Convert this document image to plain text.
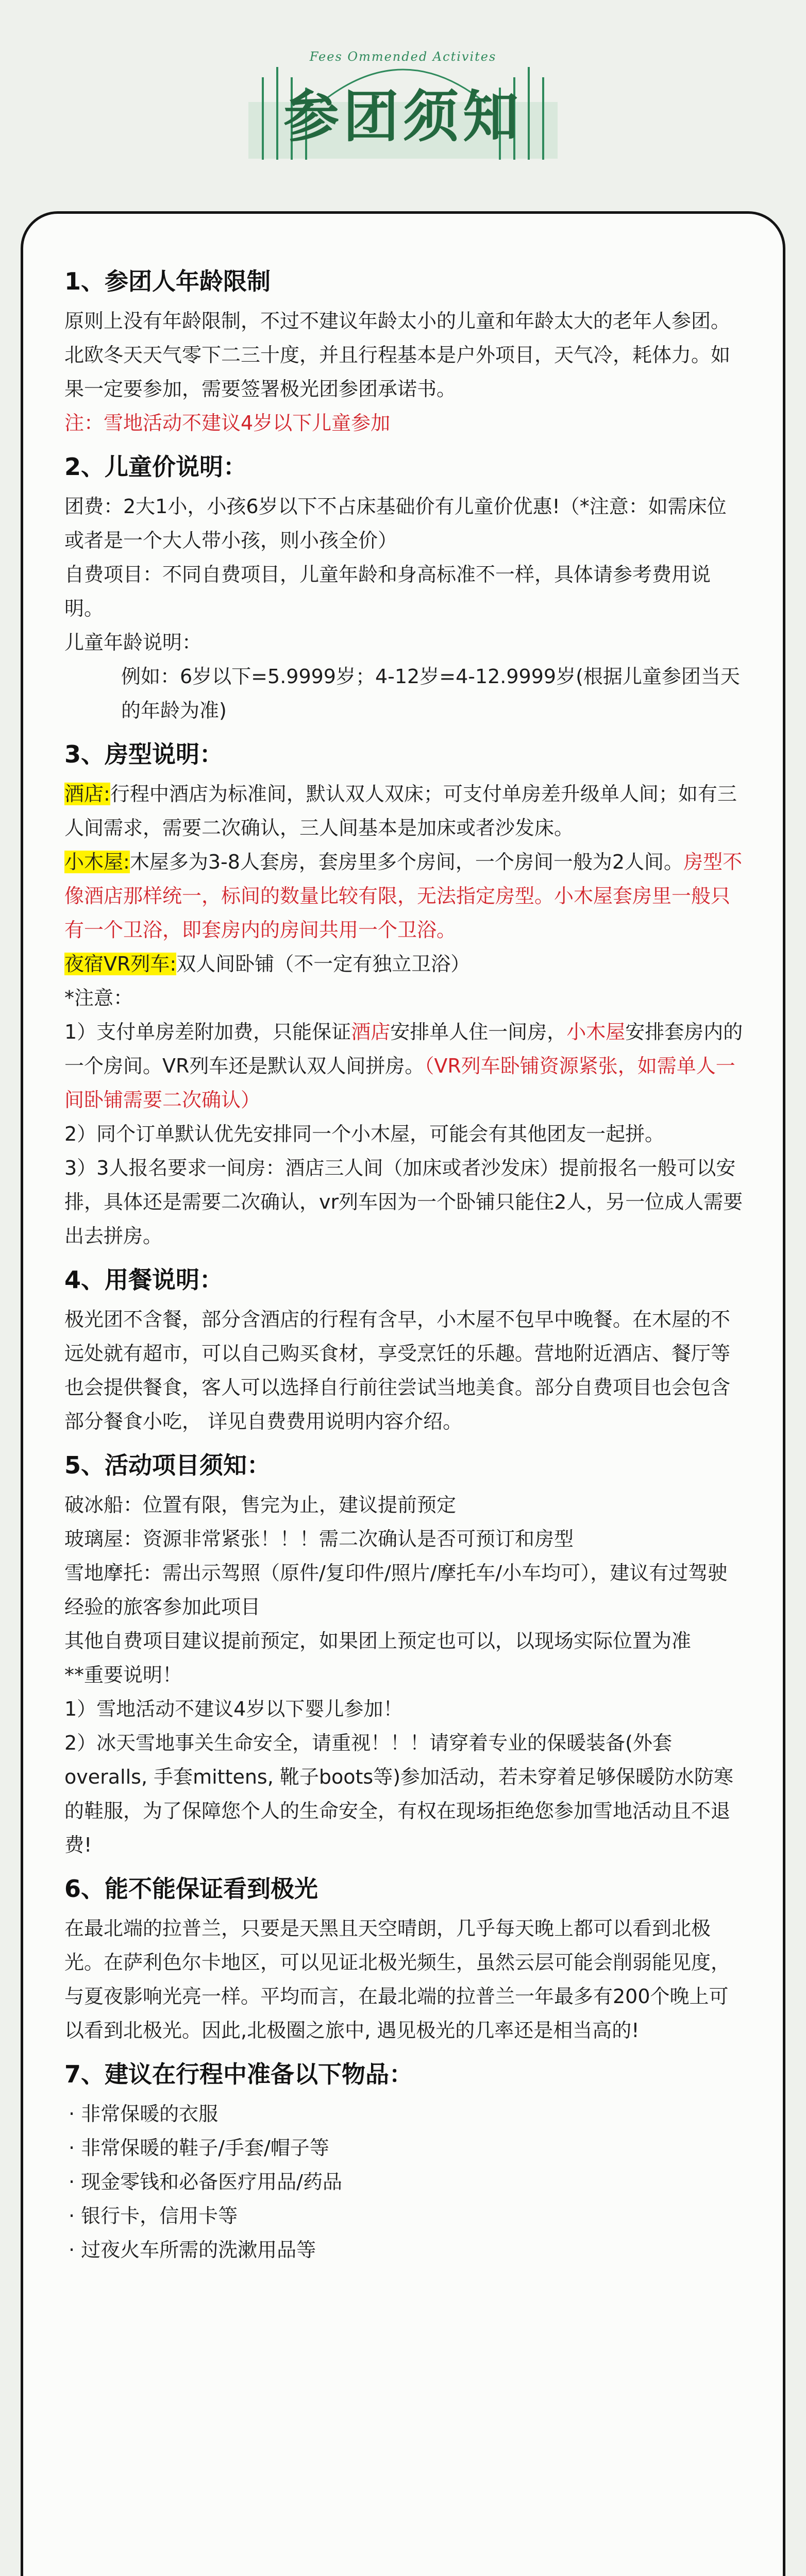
Fees Ommended Activites
参团须知
1、参团人年龄限制

原则上没有年龄限制，不过不建议年龄太小的儿童和年龄太大的老年人参团。北欧冬天天气零下二三十度，并且行程基本是户外项目，天气冷，耗体力。如果一定要参加，需要签署极光团参团承诺书。

注：雪地活动不建议4岁以下儿童参加

2、儿童价说明：

团费：2大1小，小孩6岁以下不占床基础价有儿童价优惠!（*注意：如需床位或者是一个大人带小孩，则小孩全价）

自费项目：不同自费项目，儿童年龄和身高标准不一样，具体请参考费用说明。

儿童年龄说明：

例如：6岁以下=5.9999岁；4-12岁=4-12.9999岁(根据儿童参团当天的年龄为准)

3、房型说明：

酒店:行程中酒店为标准间，默认双人双床；可支付单房差升级单人间；如有三人间需求，需要二次确认，三人间基本是加床或者沙发床。

小木屋:木屋多为3-8人套房，套房里多个房间，一个房间一般为2人间。房型不像酒店那样统一，标间的数量比较有限，无法指定房型。小木屋套房里一般只有一个卫浴，即套房内的房间共用一个卫浴。

夜宿VR列车:双人间卧铺（不一定有独立卫浴）

*注意：

1）支付单房差附加费，只能保证酒店安排单人住一间房，小木屋安排套房内的一个房间。VR列车还是默认双人间拼房。（VR列车卧铺资源紧张，如需单人一间卧铺需要二次确认）

2）同个订单默认优先安排同一个小木屋，可能会有其他团友一起拼。

3）3人报名要求一间房：酒店三人间（加床或者沙发床）提前报名一般可以安排，具体还是需要二次确认，vr列车因为一个卧铺只能住2人，另一位成人需要出去拼房。

4、用餐说明：

极光团不含餐，部分含酒店的行程有含早，小木屋不包早中晚餐。在木屋的不远处就有超市，可以自己购买食材，享受烹饪的乐趣。营地附近酒店、餐厅等也会提供餐食，客人可以选择自行前往尝试当地美食。部分自费项目也会包含部分餐食小吃， 详见自费费用说明内容介绍。

5、活动项目须知：

破冰船：位置有限，售完为止，建议提前预定

玻璃屋：资源非常紧张！！！需二次确认是否可预订和房型

雪地摩托：需出示驾照（原件/复印件/照片/摩托车/小车均可），建议有过驾驶经验的旅客参加此项目

其他自费项目建议提前预定，如果团上预定也可以，以现场实际位置为准

**重要说明！

1）雪地活动不建议4岁以下婴儿参加！

2）冰天雪地事关生命安全，请重视！！！请穿着专业的保暖装备(外套overalls, 手套mittens, 靴子boots等)参加活动，若未穿着足够保暖防水防寒的鞋服，为了保障您个人的生命安全，有权在现场拒绝您参加雪地活动且不退费!

6、能不能保证看到极光

在最北端的拉普兰，只要是天黑且天空晴朗，几乎每天晚上都可以看到北极光。在萨利色尔卡地区，可以见证北极光频生，虽然云层可能会削弱能见度，与夏夜影响光亮一样。平均而言，在最北端的拉普兰一年最多有200个晚上可以看到北极光。因此,北极圈之旅中, 遇见极光的几率还是相当高的!

7、建议在行程中准备以下物品：

· 非常保暖的衣服

· 非常保暖的鞋子/手套/帽子等

· 现金零钱和必备医疗用品/药品

· 银行卡，信用卡等

· 过夜火车所需的洗漱用品等
